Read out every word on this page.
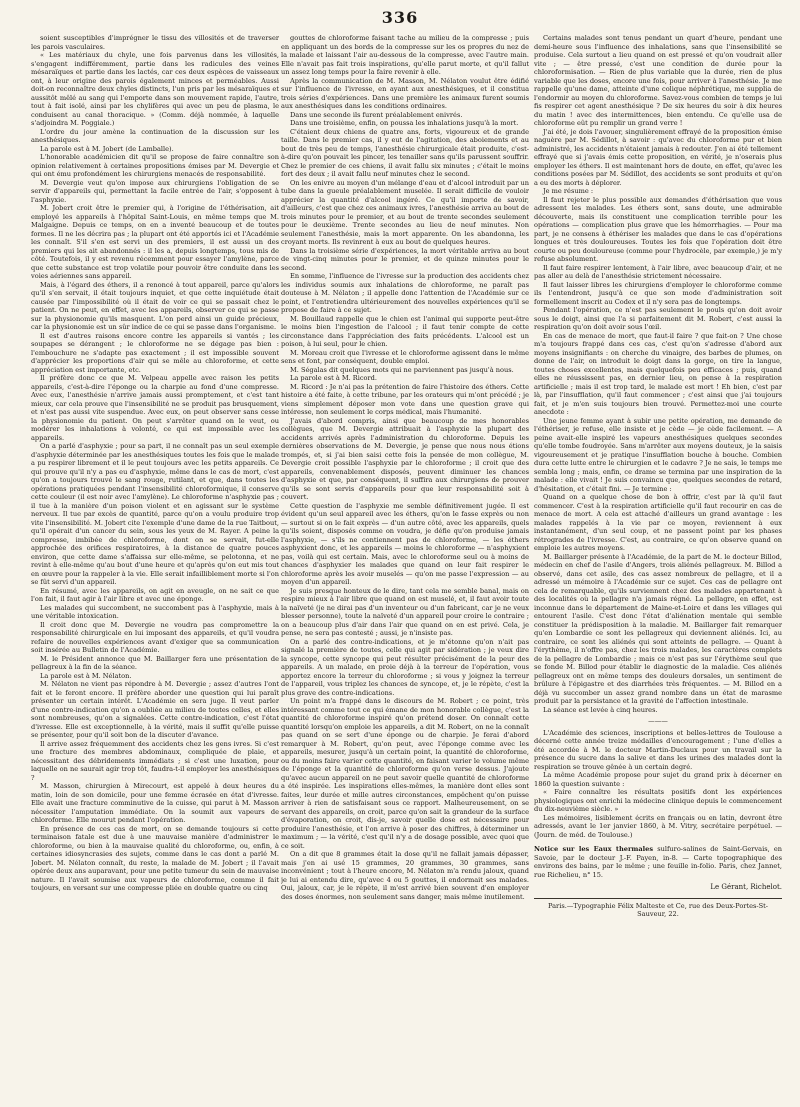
336

soient susceptibles d'imprégner le tissu des villosités et de traverser les parois vasculaires.

« Les matériaux du chyle, une fois parvenus dans les villosités, s'engagent indifféremment, partie dans les radicules des veines mésaraïques et partie dans les lactés, car ces deux espèces de vaisseaux ont, à leur origine des parois également minces et perméables. Aussi doit-on reconnaître deux chyles distincts, l'un pris par les mésaraïques et aussitôt mêlé au sang qui l'emporte dans son mouvement rapide, l'autre, tout à fait isolé, ainsi par les chylifères qui avec un peu de plasma, le conduisent au canal thoracique. » (Comm. déjà nommée, à laquelle s'adjoindra M. Poggiale.)

L'ordre du jour amène la continuation de la discussion sur les anesthésiques.

La parole est à M. Jobert (de Lamballe).

L'honorable académicien dit qu'il se propose de faire connaître son opinion relativement à certaines propositions émises par M. Devergie et qui ont ému profondément les chirurgiens menacés de responsabilité.

M. Devergie veut qu'on impose aux chirurgiens l'obligation de se servir d'appareils qui, permettant la facile entrée de l'air, s'opposent à l'asphyxie.

M. Jobert croit être le premier qui, à l'origine de l'éthérisation, ait employé les appareils à l'hôpital Saint-Louis, en même temps que M. Malgaigne. Depuis ce temps, on en a inventé beaucoup et de toutes formes. Il ne les décrira pas ; la plupart ont été apportés ici et l'Académie les connaît. S'il s'en est servi un des premiers, il est aussi un des premiers qui les ait abandonnés : il les a, depuis longtemps, tous mis de côté. Toutefois, il y est revenu récemment pour essayer l'amylène, parce que cette substance est trop volatile pour pouvoir être conduite dans les voies aériennes sans appareil.

Mais, à l'égard des éthers, il a renoncé à tout appareil, parce qu'alors qu'il s'en servait, il était toujours inquiet, et que cette inquiétude était causée par l'impossibilité où il était de voir ce qui se passait chez le patient. On ne peut, en effet, avec les appareils, observer ce qui se passe sur la physionomie qu'ils masquent. L'on perd ainsi un guide précieux, car la physionomie est un sûr indice de ce qui se passe dans l'organisme.

Il est d'autres raisons encore contre les appareils si vantés ; les soupapes se dérangent ; le chloroforme ne se dégage pas bien : l'embouchure ne s'adapte pas exactement ; il est impossible souvent d'apprécier les proportions d'air qui se mêle au chloroforme, et cette appréciation est importante, etc.

Il préfère donc ce que M. Velpeau appelle avec raison les petits appareils, c'est-à-dire l'éponge ou la charpie au fond d'une compresse. Avec eux, l'anesthésie n'arrive jamais aussi promptement, et c'est tant mieux, car cela prouve que l'insensibilité ne se produit pas brusquement, et n'est pas aussi vite suspendue. Avec eux, on peut observer sans cesse la physionomie du patient. On peut s'arrêter quand on le veut, ou modérer les inhalations à volonté, ce qui est impossible avec les appareils.

On a parlé d'asphyxie ; pour sa part, il ne connaît pas un seul exemple d'asphyxie déterminée par les anesthésiques toutes les fois que le malade a pu respirer librement et il le peut toujours avec les petits appareils. Ce qui prouve qu'il n'y a pas eu d'asphyxie, même dans le cas de mort, c'est qu'on a toujours trouvé le sang rouge, rutilant, et que, dans toutes les opérations pratiquées pendant l'insensibilité chloroformique, il conserve cette couleur (il est noir avec l'amylène). Le chloroforme n'asphyxie pas ; il tue à la manière d'un poison violent et en agissant sur le système nerveux. Il tue par excès de quantité, parce qu'on a voulu produire trop vite l'insensibilité. M. Jobert cite l'exemple d'une dame de la rue Taitbout, qu'il opérait d'un cancer du sein, sous les yeux de M. Rayer. A peine la compresse, imbibée de chloroforme, dont on se servait, fut-elle approchée des orifices respiratoires, à la distance de quatre pouces environ, que cette dame s'affaissa sur elle-même, se pelotonna, et ne revint à elle-même qu'au bout d'une heure et qu'après qu'on eut mis tout en œuvre pour la rappeler à la vie. Elle serait infailliblement morte si l'on se fût servi d'un appareil.

En résumé, avec les appareils, on agit en aveugle, on ne sait ce que l'on fait, il faut agir à l'air libre et avec une éponge.

Les malades qui succombent, ne succombent pas à l'asphyxie, mais à une véritable intoxication.

Il croit donc que M. Devergie ne voudra pas compromettre la responsabilité chirurgicale en lui imposant des appareils, et qu'il voudra refaire de nouvelles expériences avant d'exiger que sa communication soit insérée au Bulletin de l'Académie.

M. le Président annonce que M. Baillarger fera une présentation de pellagreux à la fin de la séance.

La parole est à M. Nélaton.

M. Nélaton ne vient pas répondre à M. Devergie ; assez d'autres l'ont fait et le feront encore. Il préfère aborder une question qui lui paraît présenter un certain intérêt. L'Académie en sera juge. Il veut parler d'une contre-indication qu'on a oubliée au milieu de toutes celles, et elles sont nombreuses, qu'on a signalées. Cette contre-indication, c'est l'état d'ivresse. Elle est exceptionnelle, à la vérité, mais il suffit qu'elle puisse se présenter, pour qu'il soit bon de la discuter d'avance.

Il arrive assez fréquemment des accidents chez les gens ivres. Si c'est une fracture des membres abdominaux, compliquée de plaie, et nécessitant des débridements immédiats ; si c'est une luxation, pour laquelle on ne saurait agir trop tôt, faudra-t-il employer les anesthésiques ?

M. Masson, chirurgien à Mirecourt, est appelé à deux heures du matin, loin de son domicile, pour une femme écrasée en état d'ivresse. Elle avait une fracture comminutive de la cuisse, qui parut à M. Masson nécessiter l'amputation immédiate. On la soumit aux vapeurs de chloroforme. Elle mourut pendant l'opération.

En présence de ces cas de mort, on se demande toujours si cette terminaison fatale est due à une mauvaise manière d'administrer le chloroforme, ou bien à la mauvaise qualité du chloroforme, ou, enfin, à certaines idiosyncrasies des sujets, comme dans le cas dont a parlé M. Jobert. M. Nélaton connaît, du reste, la malade de M. Jobert ; il l'avait opérée deux ans auparavant, pour une petite tumeur du sein de mauvaise nature. Il l'avait soumise aux vapeurs de chloroforme, comme il fait toujours, en versant sur une compresse pliée en double quatre ou cinq

gouttes de chloroforme faisant tache au milieu de la compresse ; puis en appliquant un des bords de la compresse sur les os propres du nez de la malade et laissant l'air au-dessous de la compresse, avec l'autre main. Elle n'avait pas fait trois inspirations, qu'elle parut morte, et qu'il fallut un assez long temps pour la faire revenir à elle.

Après la communication de M. Masson, M. Nélaton voulut être édifié sur l'influence de l'ivresse, en ayant aux anesthésiques, et il constitua trois séries d'expériences. Dans une première les animaux furent soumis aux anesthésiques dans les conditions ordinaires.

Dans une seconde ils furent préalablement enivrés.

Dans une troisième, enfin, on poussa les inhalations jusqu'à la mort.

C'étaient deux chiens de quatre ans, forts, vigoureux et de grande taille. Dans le premier cas, il y eut de l'agitation, des aboiements et au bout de très peu de temps, l'anesthésie chirurgicale était produite, c'est-à-dire qu'on pouvait les pincer, les tenailler sans qu'ils parussent souffrir. Chez le premier de ces chiens, il avait fallu six minutes ; c'était le moins fort des deux ; il avait fallu neuf minutes chez le second.

On les enivre au moyen d'un mélange d'eau et d'alcool introduit par un tube dans la gueule préalablement muselée. Il serait difficile de vouloir apprécier la quantité d'alcool ingéré. Ce qu'il importe de savoir, d'ailleurs, c'est que chez ces animaux ivres, l'anesthésie arriva au bout de trois minutes pour le premier, et au bout de trente secondes seulement pour le deuxième. Trente secondes au lieu de neuf minutes. Non seulement l'anesthésie, mais la mort apparente. On les abandonna, les croyant morts. Ils revinrent à eux au bout de quelques heures.

Dans la troisième série d'expériences, la mort véritable arriva au bout de vingt-cinq minutes pour le premier, et de quinze minutes pour le second.

En somme, l'influence de l'ivresse sur la production des accidents chez les individus soumis aux inhalations de chloroforme, ne paraît pas douteuse à M. Nélaton ; il appelle donc l'attention de l'Académie sur ce point, et l'entretiendra ultérieurement des nouvelles expériences qu'il se propose de faire à ce sujet.

M. Bouillaud rappelle que le chien est l'animal qui supporte peut-être le moins bien l'ingestion de l'alcool ; il faut tenir compte de cette circonstance dans l'appréciation des faits précédents. L'alcool est un poison, à lui seul, pour le chien.

M. Moreau croit que l'ivresse et le chloroforme agissent dans le même sens et font, par conséquent, double emploi.

M. Ségalas dit quelques mots qui ne parviennent pas jusqu'à nous.

La parole est à M. Ricord.

M. Ricord : Je n'ai pas la prétention de faire l'histoire des éthers. Cette histoire a été faite, à cette tribune, par les orateurs qui m'ont précédé ; je viens simplement déposer mon vote dans une question grave qui intéresse, non seulement le corps médical, mais l'humanité.

J'avais d'abord compris, ainsi que beaucoup de mes honorables collègues, que M. Devergie attribuait à l'asphyxie la plupart des accidents arrivés après l'administration du chloroforme. Depuis les dernières observations de M. Devergie, je pense que nous nous étions trompés, et, si j'ai bien saisi cette fois la pensée de mon collègue, M. Devergie croit possible l'asphyxie par le chloroforme ; il croit que des appareils, convenablement disposés, peuvent diminuer les chances d'asphyxie et que, par conséquent, il suffira aux chirurgiens de prouver qu'ils se sont servis d'appareils pour que leur responsabilité soit à couvert.

Cette question de l'asphyxie me semble définitivement jugée. Il est évident qu'un seul appareil avec les éthers, qu'on le fasse exprès ou non — surtout si on le fait exprès — d'un autre côté, avec les appareils, quels qu'ils soient, disposés comme on voudra, je défie qu'on produise jamais l'asphyxie, — s'ils ne contiennent pas de chloroforme, — les éthers asphyxient donc, et les appareils — moins le chloroforme — n'asphyxient pas, voilà qui est certain. Mais, avec le chloroforme seul ou à moins de chances d'asphyxier les malades que quand on leur fait respirer le chloroforme après les avoir muselés — qu'on me passe l'expression — au moyen d'un appareil.

Je suis presque honteux de le dire, tant cela me semble banal, mais on respire mieux à l'air libre que quand on est muselé, et, il faut avoir toute la naïveté (je ne dirai pas d'un inventeur ou d'un fabricant, car je ne veux blesser personne), toute la naïveté d'un appareil pour croire le contraire ; on a beaucoup plus d'air dans l'air que quand on en est privé. Cela, je pense, ne sera pas contesté ; aussi, je n'insiste pas.

On a parlé des contre-indications, et je m'étonne qu'on n'ait pas signalé la première de toutes, celle qui agit par sidération ; je veux dire la syncope, cette syncope qui peut résulter précisément de la peur des appareils. A un malade, en proie déjà à la terreur de l'opération, vous apportez encore la terreur du chloroforme ; si vous y joignez la terreur de l'appareil, vous triplez les chances de syncope, et, je le répète, c'est la plus grave des contre-indications.

Un point m'a frappé dans le discours de M. Robert ; ce point, très intéressant comme tout ce qui émane de mon honorable collègue, c'est la quantité de chloroforme inspiré qu'on prétend doser. On connaît cette quantité lorsqu'on emploie les appareils, a dit M. Robert, on ne la connaît pas quand on se sert d'une éponge ou de charpie. Je ferai d'abord remarquer à M. Robert, qu'on peut, avec l'éponge comme avec les appareils, mesurer, jusqu'à un certain point, la quantité de chloroforme, ou du moins faire varier cette quantité, en faisant varier le volume même de l'éponge et la quantité de chloroforme qu'on verse dessus. J'ajoute qu'avec aucun appareil on ne peut savoir quelle quantité de chloroforme a été inspirée. Les inspirations elles-mêmes, la manière dont elles sont faites, leur durée et mille autres circonstances, empêchent qu'on puisse arriver à rien de satisfaisant sous ce rapport. Malheureusement, on se servant des appareils, on croit, parce qu'on sait la grandeur de la surface d'évaporation, on croit, dis-je, savoir quelle dose est nécessaire pour produire l'anesthésie, et l'on arrive à poser des chiffres, à déterminer un maximum ; — la vérité, c'est qu'il n'y a de dosage possible, avec quoi que ce soit.

On a dit que 8 grammes était la dose qu'il ne fallait jamais dépasser, mais j'en ai usé 15 grammes, 20 grammes, 30 grammes, sans inconvénient ; tout à l'heure encore, M. Nélaton m'a rendu jaloux, quand je lui ai entendu dire, qu'avec 4 ou 5 gouttes, il endormait ses malades. Oui, jaloux, car, je le répète, il m'est arrivé bien souvent d'en employer des doses énormes, non seulement sans danger, mais même inutilement.

Certains malades sont tenus pendant un quart d'heure, pendant une demi-heure sous l'influence des inhalations, sans que l'insensibilité se produise. Cela surtout a lieu quand on est pressé et qu'on voudrait aller vite ; — être pressé, c'est une condition de durée pour la chloroformisation. — Rien de plus variable que la durée, rien de plus variable que les doses, encore une fois, pour arriver à l'anesthésie. Je me rappelle qu'une dame, atteinte d'une colique néphrétique, me supplia de l'endormir au moyen du chloroforme. Savez-vous combien de temps je lui fis respirer cet agent anesthésique ? De six heures du soir à dix heures du matin ! avec des intermittences, bien entendu. Ce qu'elle usa de chloroforme eût pu remplir un grand verre !

J'ai été, je dois l'avouer, singulièrement effrayé de la proposition émise naguère par M. Sédillot, à savoir : qu'avec du chloroforme pur et bien administré, les accidents n'étaient jamais à redouter. J'en ai été tellement effrayé que si j'avais émis cette proposition, en vérité, je n'oserais plus employer les éthers. Il est maintenant hors de doute, en effet, qu'avec les conditions posées par M. Sédillot, des accidents se sont produits et qu'on a eu des morts à déplorer.

Je me résume :

Il faut rejeter le plus possible aux demandes d'éthérisation que vous adressent les malades. Les éthers sont, sans doute, une admirable découverte, mais ils constituent une complication terrible pour les opérations — complication plus grave que les hémorrhagies. — Pour ma part, je ne consens à éthériser les malades que dans le cas d'opérations longues et très douloureuses. Toutes les fois que l'opération doit être courte ou peu douloureuse (comme pour l'hydrocèle, par exemple,) je m'y refuse absolument.

Il faut faire respirer lentement, à l'air libre, avec beaucoup d'air, et ne pas aller au delà de l'anesthésie strictement nécessaire.

Il faut laisser libres les chirurgiens d'employer le chloroforme comme ils l'entendront, jusqu'à ce que son mode d'administration soit formellement inscrit au Codex et il n'y sera pas de longtemps.

Pendant l'opération, ce n'est pas seulement le pouls qu'on doit avoir sous le doigt, ainsi que l'a si parfaitement dit M. Robert, c'est aussi la respiration qu'on doit avoir sous l'œil.

En cas de menace de mort, que faut-il faire ? que fait-on ? Une chose m'a toujours frappé dans ces cas, c'est qu'on s'adresse d'abord aux moyens insignifiants : on cherche du vinaigre, des barbes de plumes, on donne de l'air, on introduit le doigt dans la gorge, on tire la langue, toutes choses excellentes, mais quelquefois peu efficaces ; puis, quand elles ne réussissent pas, en dernier lieu, on pense à la respiration artificielle ; mais il est trop tard, le malade est mort ! Eh bien, c'est par là, par l'insufflation, qu'il faut commencer ; c'est ainsi que j'ai toujours fait, et je m'en suis toujours bien trouvé. Permettez-moi une courte anecdote :

Une jeune femme ayant à subir une petite opération, me demande de l'éthériser, je refuse, elle insiste et je cède — je cède facilement. — A peine avait-elle inspiré les vapeurs anesthésiques quelques secondes qu'elle tombe foudroyée. Sans m'arrêter aux moyens douteux, je la saisis vigoureusement et je pratique l'insufflation bouche à bouche. Combien dura cette lutte entre le chirurgien et le cadavre ? Je ne sais, le temps me sembla long ; mais, enfin, ce drame se termina par une inspiration de la malade : elle vivait ! Je suis convaincu que, quelques secondes de retard, d'hésitation, et c'était fini. — Je termine :

Quand on a quelque chose de bon à offrir, c'est par là qu'il faut commencer. C'est à la respiration artificielle qu'il faut recourir en cas de menace de mort. A cela est attaché d'ailleurs un grand avantage : les malades rappelés à la vie par ce moyen, reviennent à eux instantanément, d'un seul coup, et ne passent point par les phases rétrogrades de l'ivresse. C'est, au contraire, ce qu'on observe quand on emploie les autres moyens.

M. Baillarger présente à l'Académie, de la part de M. le docteur Billod, médecin en chef de l'asile d'Angers, trois aliénés pellagreux. M. Billod a observé, dans cet asile, des cas assez nombreux de pellagre, et il a adressé un mémoire à l'Académie sur ce sujet. Ces cas de pellagre ont cela de remarquable, qu'ils surviennent chez des malades appartenant à des localités où la pellagre n'a jamais régné. La pellagre, en effet, est inconnue dans le département de Maine-et-Loire et dans les villages qui entourent l'asile. C'est donc l'état d'aliénation mentale qui semble constituer la prédisposition à la maladie. M. Baillarger fait remarquer qu'en Lombardie ce sont les pellagreux qui deviennent aliénés. Ici, au contraire, ce sont les aliénés qui sont atteints de pellagre. — Quant à l'érythème, il n'offre pas, chez les trois malades, les caractères complets de la pellagre de Lombardie ; mais ce n'est pas sur l'érythème seul que se fonde M. Billod pour établir le diagnostic de la maladie. Ces aliénés pellagreux ont en même temps des douleurs dorsales, un sentiment de brûlure à l'épigastre et des diarrhées très fréquentes. — M. Billod en a déjà vu succomber un assez grand nombre dans un état de marasme produit par la persistance et la gravité de l'affection intestinale.

La séance est levée à cinq heures.

———

L'Académie des sciences, inscriptions et belles-lettres de Toulouse a décerné cette année treize médailles d'encouragement ; l'une d'elles a été accordée à M. le docteur Martin-Duclaux pour un travail sur la présence du sucre dans la salive et dans les urines des malades dont la respiration se trouve gênée à un certain degré.

La même Académie propose pour sujet du grand prix à décerner en 1860 la question suivante :

« Faire connaître les résultats positifs dont les expériences physiologiques ont enrichi la médecine clinique depuis le commencement du dix-neuvième siècle. »

Les mémoires, lisiblement écrits en français ou en latin, devront être adressés, avant le 1er janvier 1860, à M. Vitry, secrétaire perpétuel. — (Journ. de méd. de Toulouse.)

Notice sur les Eaux thermales sulfuro-salines de Saint-Gervais, en Savoie, par le docteur J.-F. Payen, in-8. — Carte topographique des environs des bains, par le même ; une feuille in-folio. Paris, chez Jannet, rue Richelieu, n° 15.

Le Gérant, Richelot.
Paris.—Typographie Félix Malteste et Ce, rue des Deux-Portes-St-Sauveur, 22.
